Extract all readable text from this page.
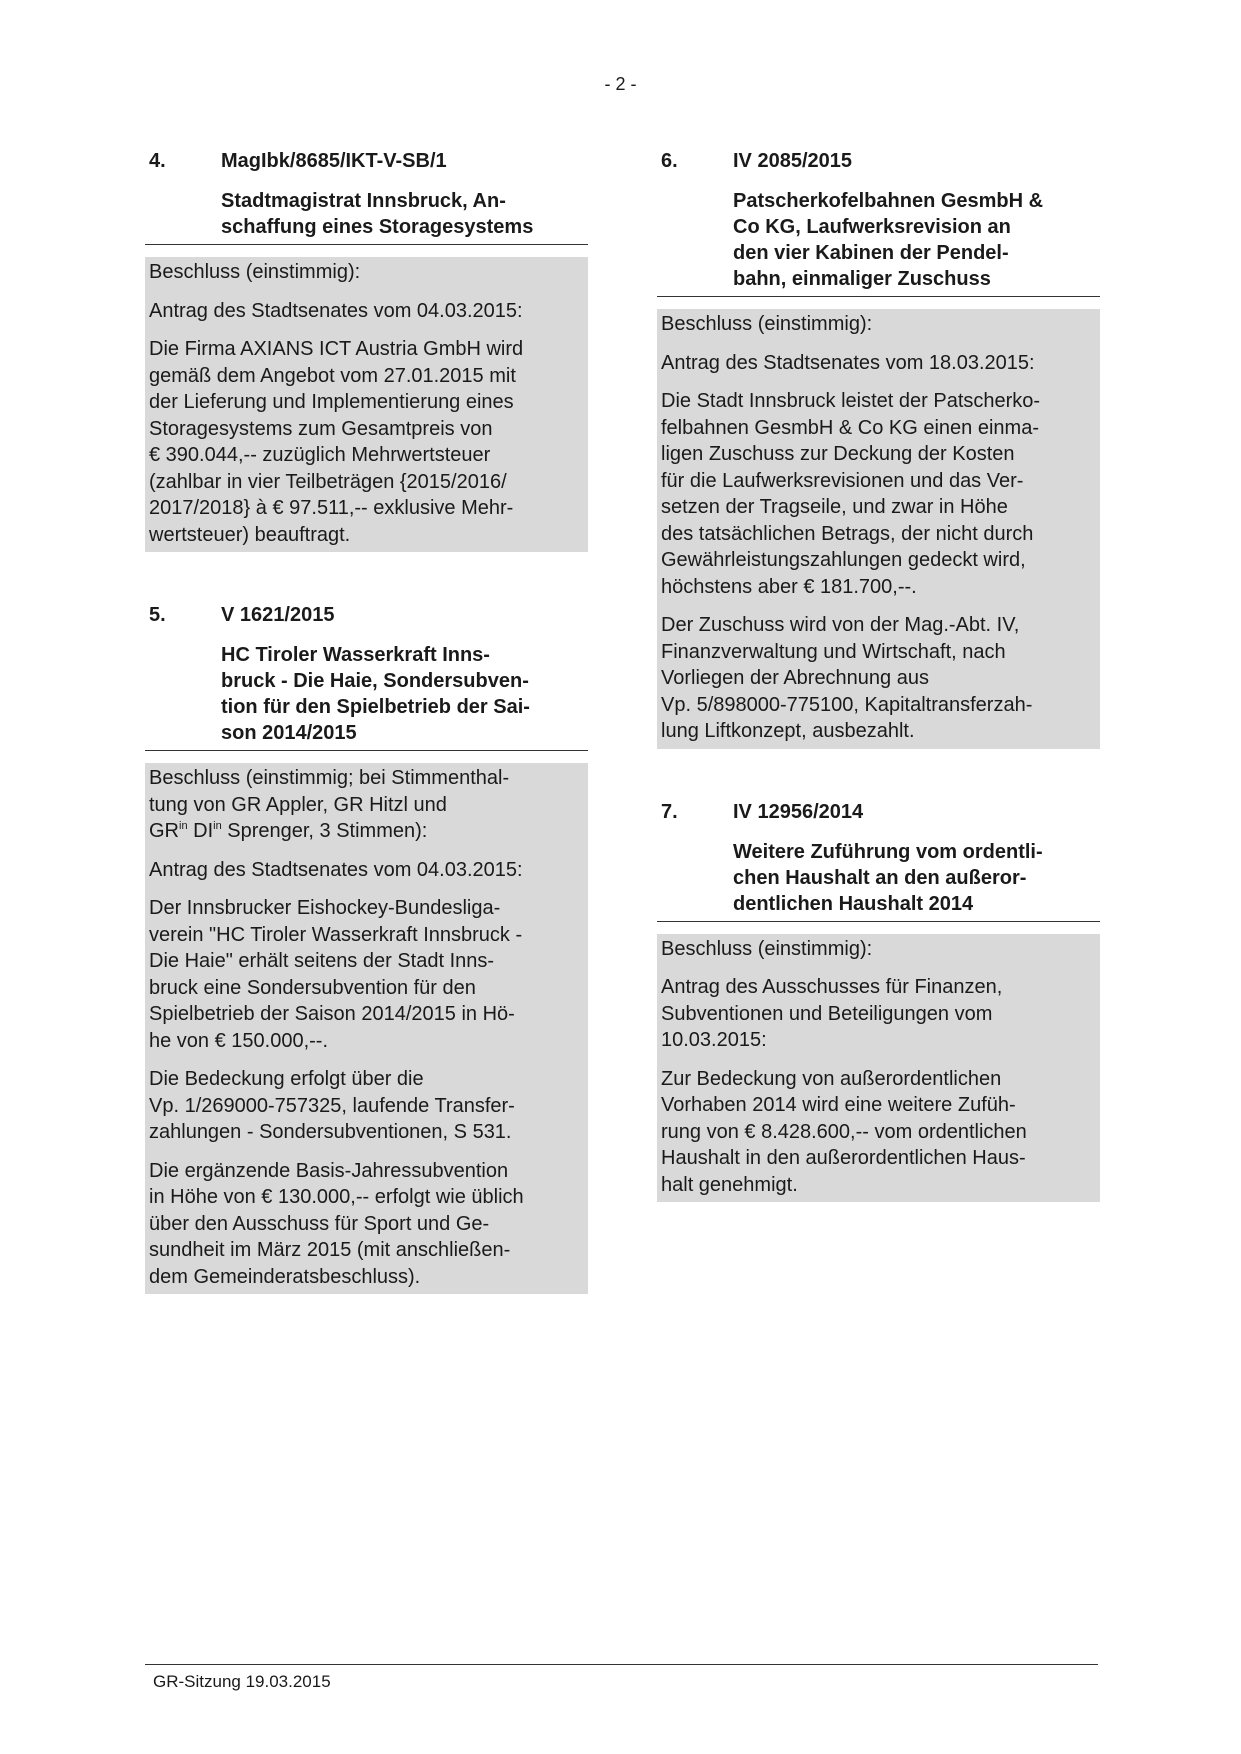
- 2 -
4.	MagIbk/8685/IKT-V-SB/1
Stadtmagistrat Innsbruck, An-
schaffung eines Storagesystems

Beschluss (einstimmig):

Antrag des Stadtsenates vom 04.03.2015:

Die Firma AXIANS ICT Austria GmbH wird
gemäß dem Angebot vom 27.01.2015 mit
der Lieferung und Implementierung eines
Storagesystems zum Gesamtpreis von
€ 390.044,-- zuzüglich Mehrwertsteuer
(zahlbar in vier Teilbeträgen {2015/2016/
2017/2018} à € 97.511,-- exklusive Mehr-
wertsteuer) beauftragt.

5.	V 1621/2015
HC Tiroler Wasserkraft Inns-
bruck - Die Haie, Sondersubven-
tion für den Spielbetrieb der Sai-
son 2014/2015

Beschluss (einstimmig; bei Stimmenthal-
tung von GR Appler, GR Hitzl und
$GR^{in}$ $DI^{in}$ Sprenger, 3 Stimmen):

Antrag des Stadtsenates vom 04.03.2015:

Der Innsbrucker Eishockey-Bundesliga-
verein "HC Tiroler Wasserkraft Innsbruck -
Die Haie" erhält seitens der Stadt Inns-
bruck eine Sondersubvention für den
Spielbetrieb der Saison 2014/2015 in Hö-
he von € 150.000,--.

Die Bedeckung erfolgt über die
Vp. 1/269000-757325, laufende Transfer-
zahlungen - Sondersubventionen, S 531.

Die ergänzende Basis-Jahressubvention
in Höhe von € 130.000,-- erfolgt wie üblich
über den Ausschuss für Sport und Ge-
sundheit im März 2015 (mit anschließen-
dem Gemeinderatsbeschluss).

6.	IV 2085/2015
Patscherkofelbahnen GesmbH &
Co KG, Laufwerksrevision an
den vier Kabinen der Pendel-
bahn, einmaliger Zuschuss

Beschluss (einstimmig):

Antrag des Stadtsenates vom 18.03.2015:

Die Stadt Innsbruck leistet der Patscherko-
felbahnen GesmbH & Co KG einen einma-
ligen Zuschuss zur Deckung der Kosten
für die Laufwerksrevisionen und das Ver-
setzen der Tragseile, und zwar in Höhe
des tatsächlichen Betrags, der nicht durch
Gewährleistungszahlungen gedeckt wird,
höchstens aber € 181.700,--.

Der Zuschuss wird von der Mag.-Abt. IV,
Finanzverwaltung und Wirtschaft, nach
Vorliegen der Abrechnung aus
Vp. 5/898000-775100, Kapitaltransferzah-
lung Liftkonzept, ausbezahlt.

7.	IV 12956/2014
Weitere Zuführung vom ordentli-
chen Haushalt an den außeror-
dentlichen Haushalt 2014

Beschluss (einstimmig):

Antrag des Ausschusses für Finanzen,
Subventionen und Beteiligungen vom
10.03.2015:

Zur Bedeckung von außerordentlichen
Vorhaben 2014 wird eine weitere Zufüh-
rung von € 8.428.600,-- vom ordentlichen
Haushalt in den außerordentlichen Haus-
halt genehmigt.

GR-Sitzung 19.03.2015
